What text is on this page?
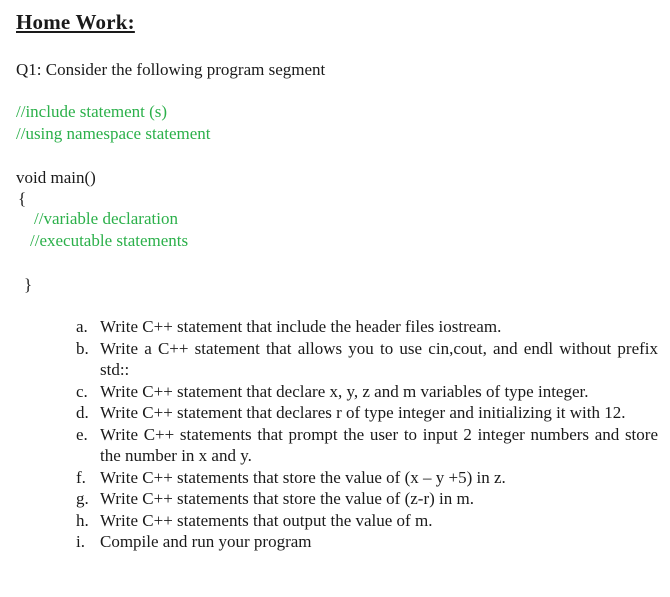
Home Work:
Q1: Consider the following program segment
//include statement (s)
//using namespace statement
void main()
{
//variable declaration
//executable statements
}
a. Write C++ statement that include the header files iostream.
b. Write a C++ statement that allows you to use cin,cout, and endl without prefix std::
c. Write C++ statement that declare x, y, z and m variables of type integer.
d. Write C++ statement that declares r of type integer and initializing it with 12.
e. Write C++ statements that prompt the user to input 2 integer numbers and store the number in x and y.
f. Write C++ statements that store the value of (x – y +5) in z.
g. Write C++ statements that store the value of (z-r) in m.
h. Write C++ statements that output the value of m.
i. Compile and run your program
